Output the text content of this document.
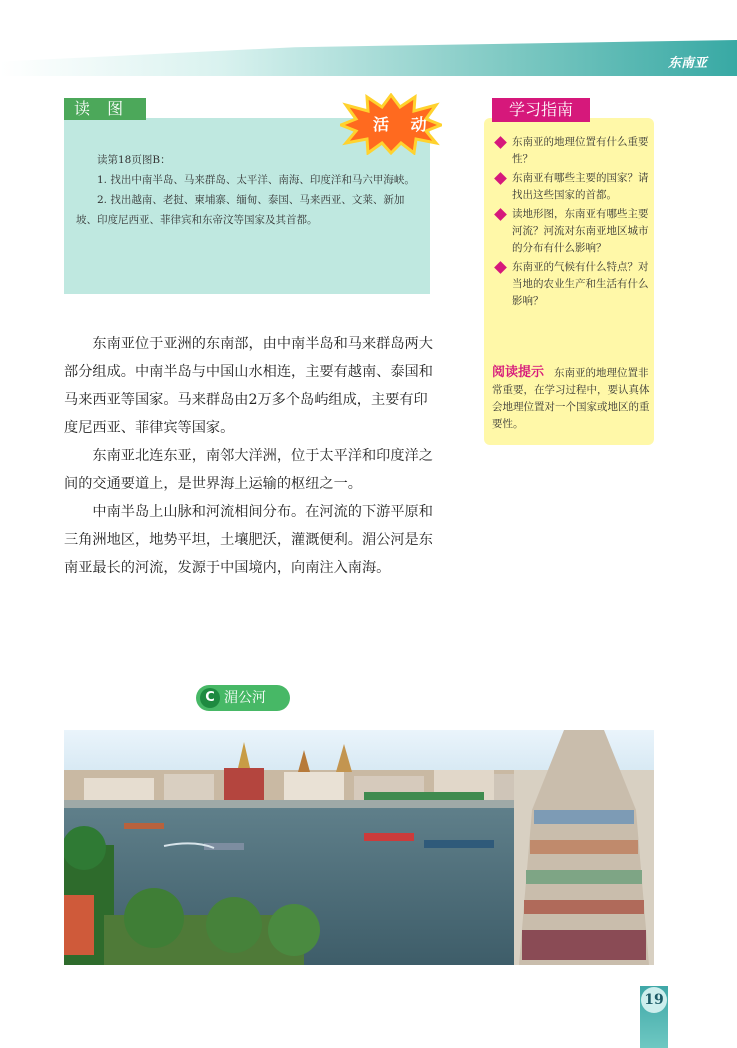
东南亚
读 图
活 动

读第18页图B：

1. 找出中南半岛、马来群岛、太平洋、南海、印度洋和马六甲海峡。

2. 找出越南、老挝、柬埔寨、缅甸、泰国、马来西亚、文莱、新加坡、印度尼西亚、菲律宾和东帝汶等国家及其首都。

学习指南
东南亚的地理位置有什么重要性？
东南亚有哪些主要的国家？请找出这些国家的首都。
读地形图，东南亚有哪些主要河流？河流对东南亚地区城市的分布有什么影响？
东南亚的气候有什么特点？对当地的农业生产和生活有什么影响？
阅读提示 东南亚的地理位置非常重要，在学习过程中，要认真体会地理位置对一个国家或地区的重要性。

东南亚位于亚洲的东南部，由中南半岛和马来群岛两大部分组成。中南半岛与中国山水相连，主要有越南、泰国和马来西亚等国家。马来群岛由2万多个岛屿组成，主要有印度尼西亚、菲律宾等国家。

东南亚北连东亚，南邻大洋洲，位于太平洋和印度洋之间的交通要道上，是世界海上运输的枢纽之一。

中南半岛上山脉和河流相间分布。在河流的下游平原和三角洲地区，地势平坦，土壤肥沃，灌溉便利。湄公河是东南亚最长的河流，发源于中国境内，向南注入南海。

C 湄公河
19
